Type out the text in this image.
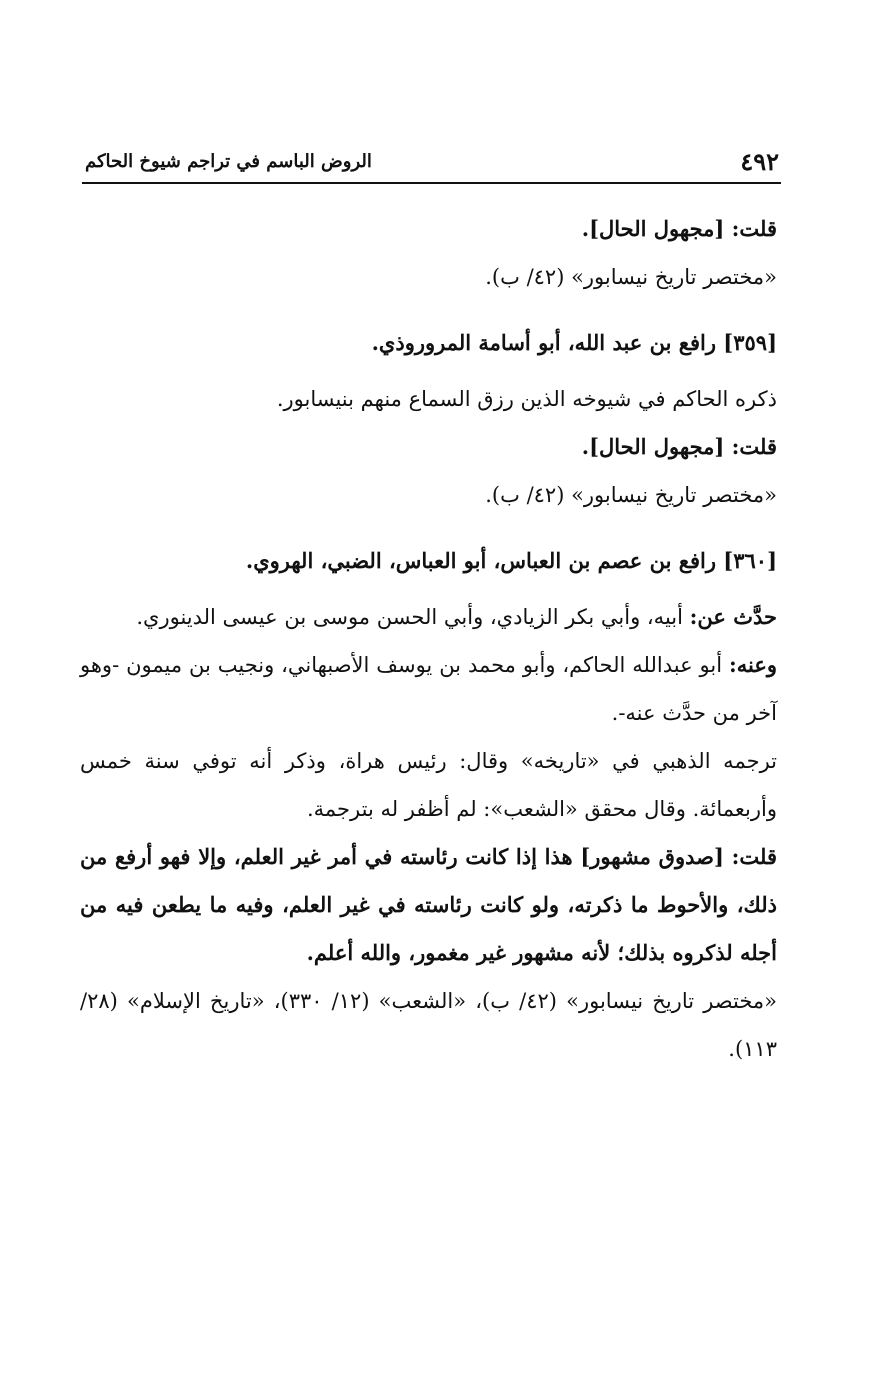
٤٩٢
الروض الباسم في تراجم شيوخ الحاكم

قلت: [مجهول الحال].

«مختصر تاريخ نيسابور» (٤٢/ ب).

[٣٥٩] رافع بن عبد الله، أبو أسامة المروروذي.

ذكره الحاكم في شيوخه الذين رزق السماع منهم بنيسابور.

قلت: [مجهول الحال].

«مختصر تاريخ نيسابور» (٤٢/ ب).

[٣٦٠] رافع بن عصم بن العباس، أبو العباس، الضبي، الهروي.

حدَّث عن: أبيه، وأبي بكر الزيادي، وأبي الحسن موسى بن عيسى الدينوري.

وعنه: أبو عبدالله الحاكم، وأبو محمد بن يوسف الأصبهاني، ونجيب بن ميمون -وهو آخر من حدَّث عنه-.

ترجمه الذهبي في «تاريخه» وقال: رئيس هراة، وذكر أنه توفي سنة خمس وأربعمائة. وقال محقق «الشعب»: لم أظفر له بترجمة.

قلت: [صدوق مشهور] هذا إذا كانت رئاسته في أمر غير العلم، وإلا فهو أرفع من ذلك، والأحوط ما ذكرته، ولو كانت رئاسته في غير العلم، وفيه ما يطعن فيه من أجله لذكروه بذلك؛ لأنه مشهور غير مغمور، والله أعلم.

«مختصر تاريخ نيسابور» (٤٢/ ب)، «الشعب» (١٢/ ٣٣٠)، «تاريخ الإسلام» (٢٨/ ١١٣).
